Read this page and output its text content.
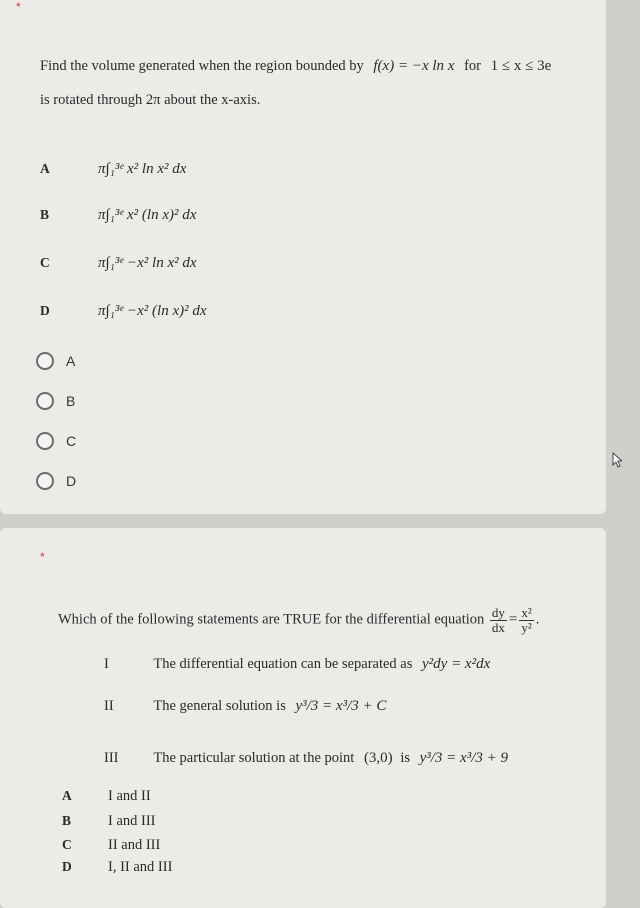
*
Find the volume generated when the region bounded by f(x) = −x ln x for 1 ≤ x ≤ 3e
is rotated through 2π about the x-axis.
A	π∫₁³ᵉ x² ln x² dx
B	π∫₁³ᵉ x² (ln x)² dx
C	π∫₁³ᵉ −x² ln x² dx
D	π∫₁³ᵉ −x² (ln x)² dx
A
B
C
D
*
Which of the following statements are TRUE for the differential equation $\frac{dy}{dx} = \frac{\text{x²}}{\text{y²}}$ .
I	The differential equation can be separated as y²dy = x²dx
II	The general solution is y³/3 = x³/3 + C
III The particular solution at the point (3,0) is y³/3 = x³/3 + 9
A	I and II
B	I and III
C	II and III
D	I, II and III
